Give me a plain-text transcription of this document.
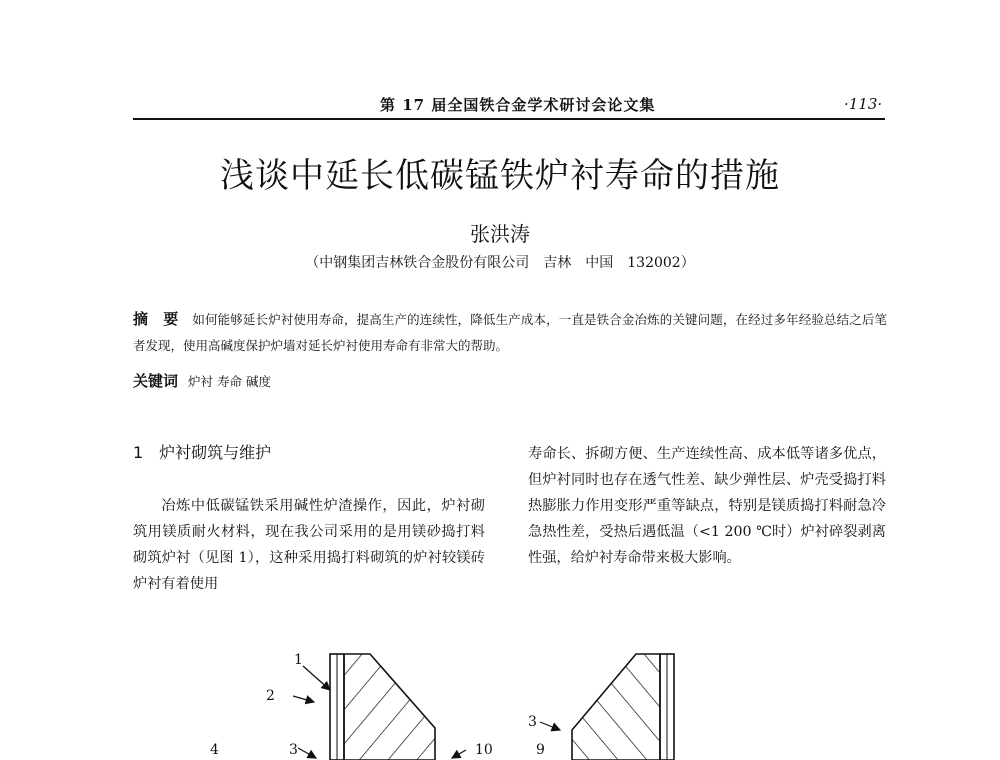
第 17 届全国铁合金学术研讨会论文集	·113·
浅谈中延长低碳锰铁炉衬寿命的措施
张洪涛
（中钢集团吉林铁合金股份有限公司　吉林　中国　132002）
摘　要 如何能够延长炉衬使用寿命，提高生产的连续性，降低生产成本，一直是铁合金冶炼的关键问题，在经过多年经验总结之后笔者发现，使用高碱度保护炉墙对延长炉衬使用寿命有非常大的帮助。
关键词 炉衬 寿命 碱度
1　炉衬砌筑与维护

冶炼中低碳锰铁采用碱性炉渣操作，因此，炉衬砌筑用镁质耐火材料，现在我公司采用的是用镁砂捣打料砌筑炉衬（见图 1），这种采用捣打料砌筑的炉衬较镁砖炉衬有着使用

寿命长、拆砌方便、生产连续性高、成本低等诸多优点，但炉衬同时也存在透气性差、缺少弹性层、炉壳受捣打料热膨胀力作用变形严重等缺点，特别是镁质捣打料耐急冷急热性差，受热后遇低温（<1 200 ℃时）炉衬碎裂剥离性强，给炉衬寿命带来极大影响。

1
2
3
4	10	9
3
